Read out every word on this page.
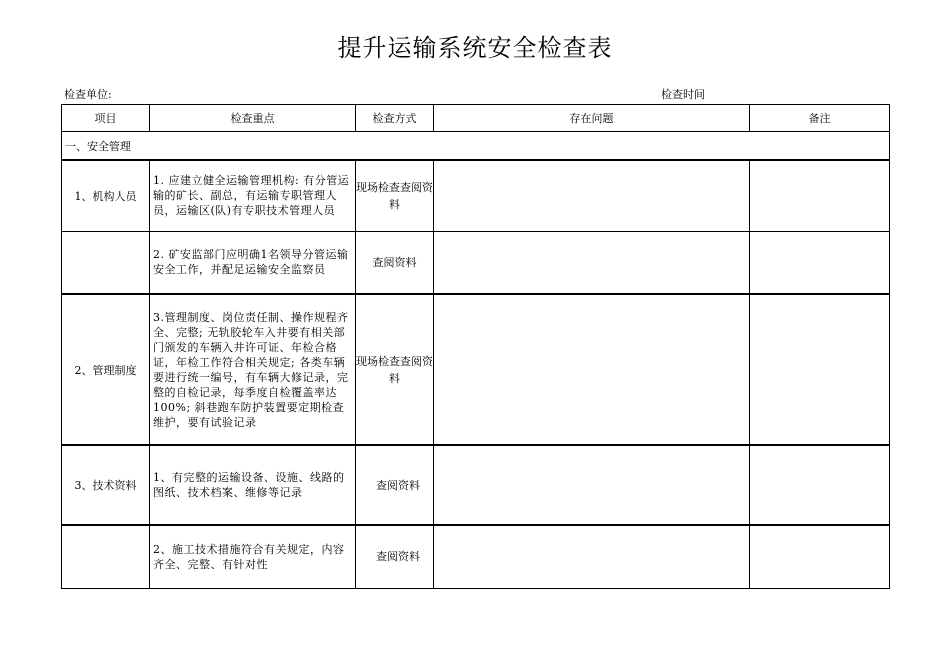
提升运输系统安全检查表
检查单位:	检查时间
项目	检查重点	检查方式	存在问题	备注
一、安全管理				
1、机构人员	1. 应建立健全运输管理机构: 有分管运输的矿长、副总，有运输专职管理人员，运输区(队)有专职技术管理人员	现场检查查阅资料		
	2. 矿安监部门应明确1名领导分管运输安全工作，并配足运输安全监察员	查阅资料		
2、管理制度	3.管理制度、岗位责任制、操作规程齐全、完整; 无轨胶轮车入井要有相关部门颁发的车辆入井许可证、年检合格证，年检工作符合相关规定; 各类车辆要进行统一编号，有车辆大修记录，完整的自检记录，每季度自检覆盖率达100%; 斜巷跑车防护装置要定期检查维护，要有试验记录	现场检查查阅资料		
3、技术资料	1、有完整的运输设备、设施、线路的图纸、技术档案、维修等记录	查阅资料		
	2、施工技术措施符合有关规定，内容齐全、完整、有针对性	查阅资料		
